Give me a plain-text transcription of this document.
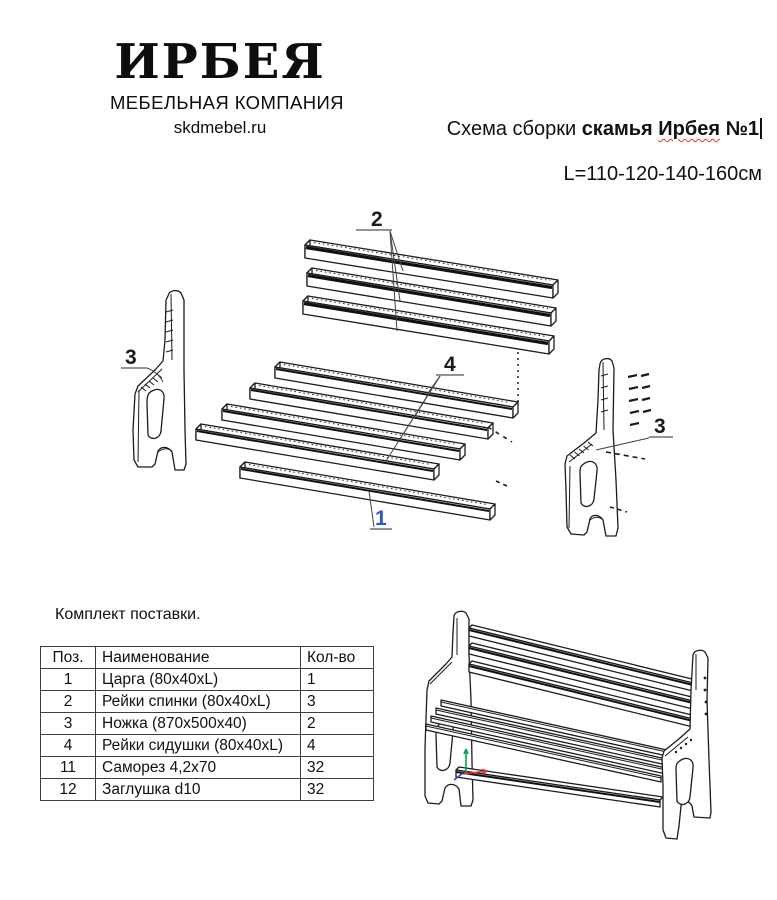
ИРБЕЯ
МЕБЕЛЬНАЯ КОМПАНИЯ
skdmebel.ru	Схема сборки скамья Ирбея №1
L=110-120-140-160см
2
4
3
3
1
Комплект поставки.
Поз.	Наименование	Кол-во
1	Царга (80x40xL)	1
2	Рейки спинки (80x40xL)	3
3	Ножка (870x500x40)	2
4	Рейки сидушки (80x40xL)	4
11	Саморез 4,2x70	32
12	Заглушка d10	32
